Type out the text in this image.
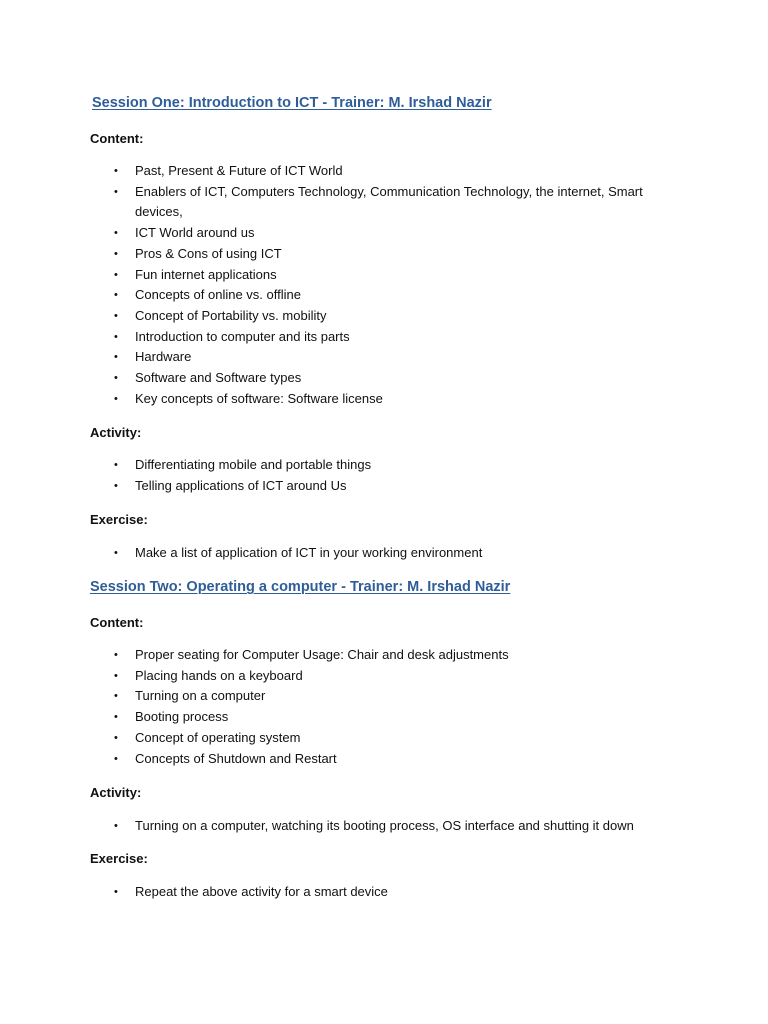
Session One: Introduction to ICT - Trainer: M. Irshad Nazir

Content:

• Past, Present & Future of ICT World
• Enablers of ICT, Computers Technology, Communication Technology, the internet, Smart devices,
• ICT World around us
• Pros & Cons of using ICT
• Fun internet applications
• Concepts of online vs. offline
• Concept of Portability vs. mobility
• Introduction to computer and its parts
• Hardware
• Software and Software types
• Key concepts of software: Software license

Activity:

• Differentiating mobile and portable things
• Telling applications of ICT around Us

Exercise:

• Make a list of application of ICT in your working environment
Session Two: Operating a computer - Trainer: M. Irshad Nazir

Content:

• Proper seating for Computer Usage: Chair and desk adjustments
• Placing hands on a keyboard
• Turning on a computer
• Booting process
• Concept of operating system
• Concepts of Shutdown and Restart

Activity:

• Turning on a computer, watching its booting process, OS interface and shutting it down

Exercise:

• Repeat the above activity for a smart device
